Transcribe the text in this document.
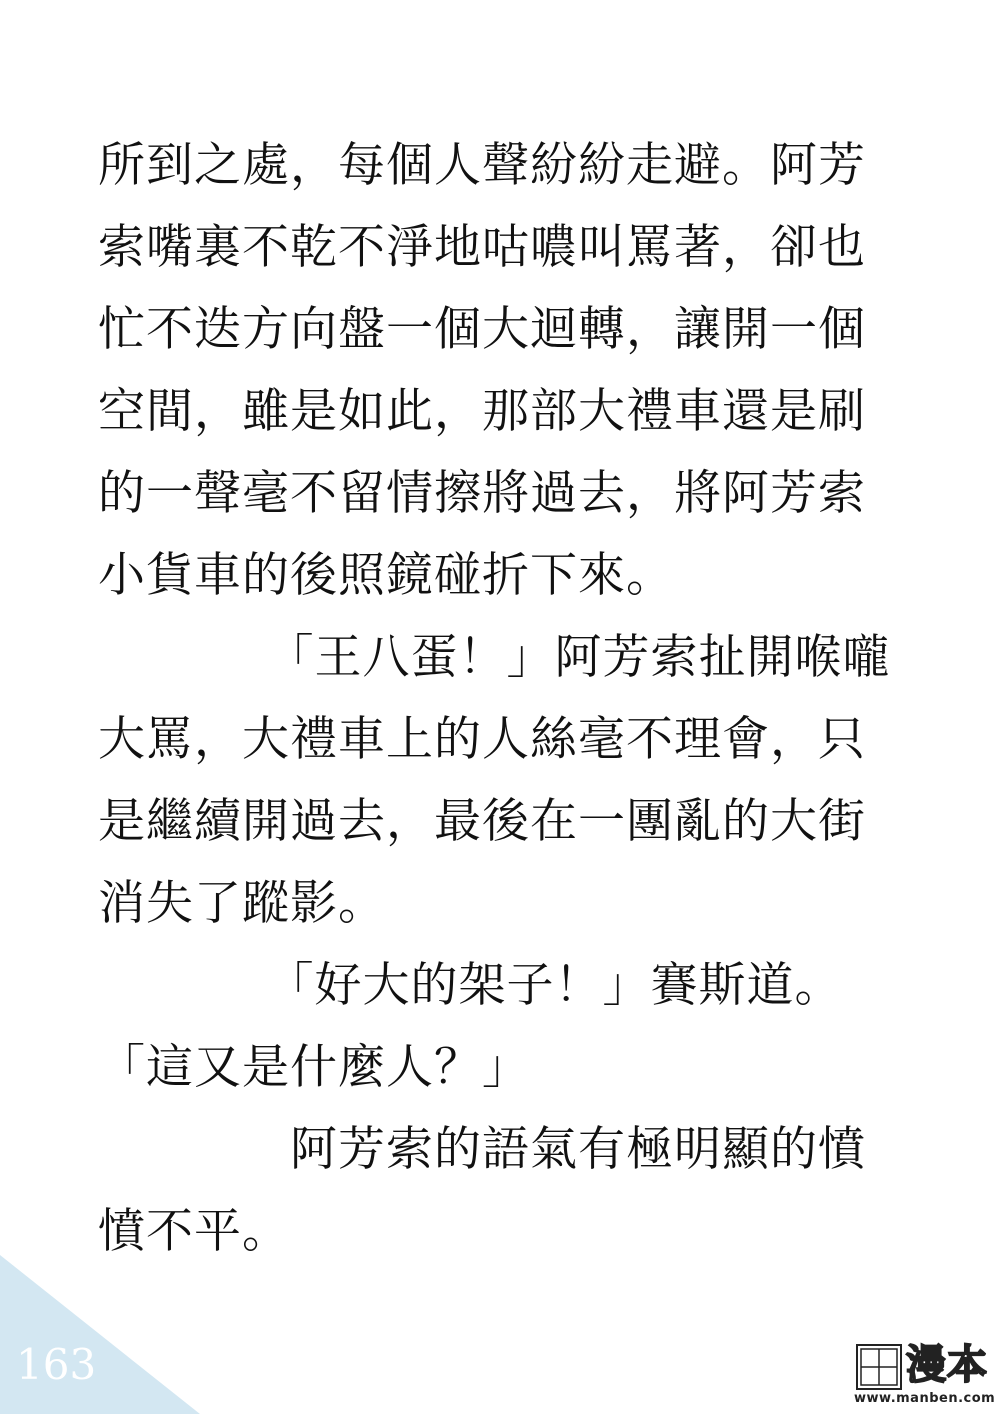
所到之處，每個人聲紛紛走避。阿芳
索嘴裏不乾不淨地咕噥叫罵著，卻也
忙不迭方向盤一個大迴轉，讓開一個
空間，雖是如此，那部大禮車還是刷
的一聲毫不留情擦將過去，將阿芳索
小貨車的後照鏡碰折下來。
　　　　「王八蛋！」阿芳索扯開喉嚨
大罵，大禮車上的人絲毫不理會，只
是繼續開過去，最後在一團亂的大街
消失了蹤影。
　　　　「好大的架子！」賽斯道。
「這又是什麼人？」
　　　　阿芳索的語氣有極明顯的憤
憤不平。
163	漫本
www.manben.com
